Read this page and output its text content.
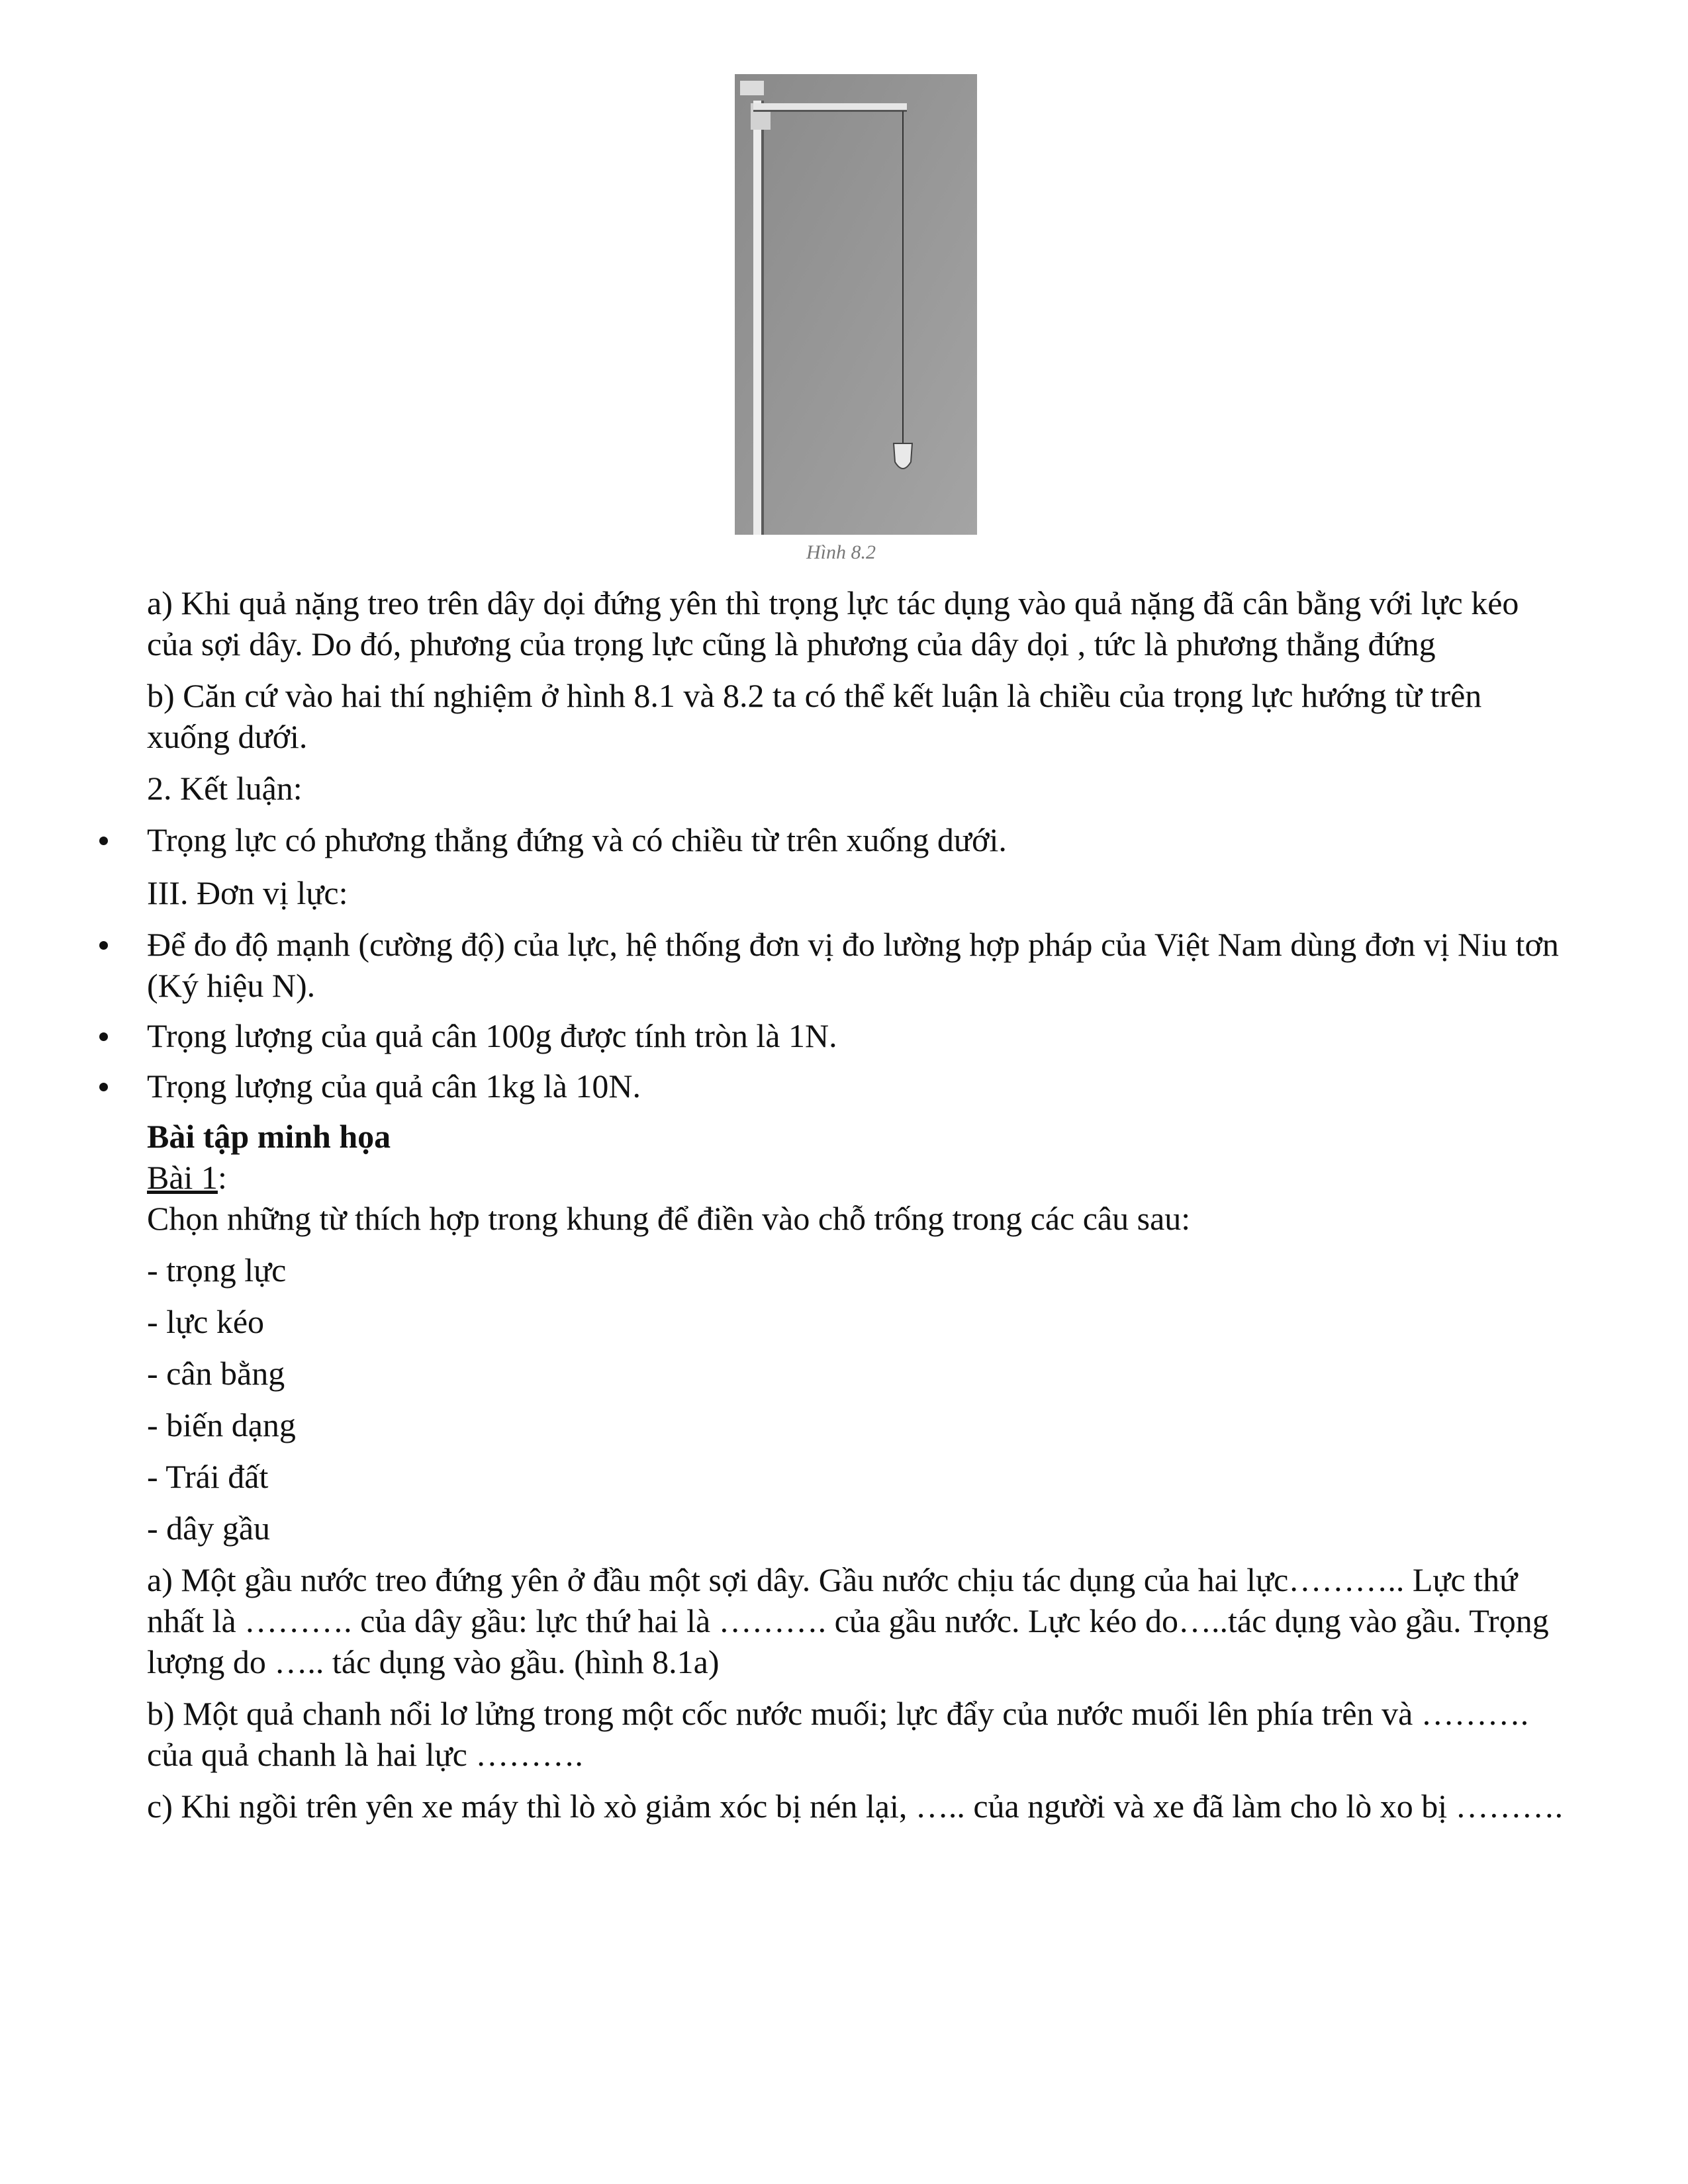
Hình 8.2

a) Khi quả nặng treo trên dây dọi đứng yên thì trọng lực tác dụng vào quả nặng đã cân bằng với lực kéo của sợi dây. Do đó, phương của trọng lực cũng là phương của dây dọi , tức là phương thẳng đứng

b) Căn cứ vào hai thí nghiệm ở hình 8.1 và 8.2 ta có thể kết luận là chiều của trọng lực hướng từ trên xuống dưới.

2. Kết luận:

Trọng lực có phương thẳng đứng và có chiều từ trên xuống dưới.

III. Đơn vị lực:

Để đo độ mạnh (cường độ) của lực, hệ thống đơn vị đo lường hợp pháp của Việt Nam dùng đơn vị Niu tơn (Ký hiệu N).

Trọng lượng của quả cân 100g được tính tròn là 1N.

Trọng lượng của quả cân 1kg là 10N.

Bài tập minh họa

Bài 1:

Chọn những từ thích hợp trong khung để điền vào chỗ trống trong các câu sau:

- trọng lực

- lực kéo

- cân bằng

- biến dạng

- Trái đất

- dây gầu

a) Một gầu nước treo đứng yên ở đầu một sợi dây. Gầu nước chịu tác dụng của hai lực……….. Lực thứ nhất là ………. của dây gầu: lực thứ hai là ………. của gầu nước. Lực kéo do…..tác dụng vào gầu. Trọng lượng do ….. tác dụng vào gầu. (hình 8.1a)

b) Một quả chanh nổi lơ lửng trong một cốc nước muối; lực đẩy của nước muối lên phía trên và ………. của quả chanh là hai lực ……….

c) Khi ngồi trên yên xe máy thì lò xò giảm xóc bị nén lại, ….. của người và xe đã làm cho lò xo bị ……….
